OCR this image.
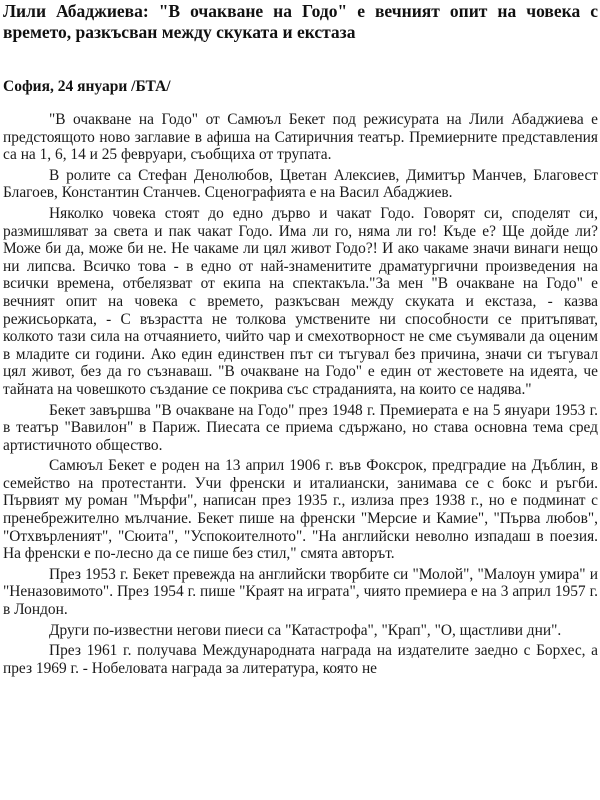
Лили Абаджиева: "В очакване на Годо" е вечният опит на човека с времето, разкъсван между скуката и екстаза
София, 24 януари /БТА/

"В очакване на Годо" от Самюъл Бекет под режисурата на Лили Абаджиева е предстоящото ново заглавие в афиша на Сатиричния театър. Премиерните представления са на 1, 6, 14 и 25 февруари, съобщиха от трупата.

В ролите са Стефан Денолюбов, Цветан Алексиев, Димитър Манчев, Благовест Благоев, Константин Станчев. Сценографията е на Васил Абаджиев.

Няколко човека стоят до едно дърво и чакат Годо. Говорят си, споделят си, размишляват за света и пак чакат Годо. Има ли го, няма ли го! Къде е? Ще дойде ли? Може би да, може би не. Не чакаме ли цял живот Годо?! И ако чакаме значи винаги нещо ни липсва. Всичко това - в едно от най-знаменитите драматургични произведения на всички времена, отбелязват от екипа на спектакъла."За мен "В очакване на Годо" е вечният опит на човека с времето, разкъсван между скуката и екстаза, - казва режисьорката, - С възрастта не толкова умствените ни способности се притъпяват, колкото тази сила на отчаянието, чийто чар и смехотворност не сме съумявали да оценим в младите си години. Ако един единствен път си тъгувал без причина, значи си тъгувал цял живот, без да го съзнаваш. "В очакване на Годо" е един от жестовете на идеята, че тайната на човешкото създание се покрива със страданията, на които се надява."

Бекет завършва "В очакване на Годо" през 1948 г. Премиерата е на 5 януари 1953 г. в театър "Вавилон" в Париж. Пиесата се приема сдържано, но става основна тема сред артистичното общество.

Самюъл Бекет е роден на 13 април 1906 г. във Фоксрок, предградие на Дъблин, в семейство на протестанти. Учи френски и италиански, занимава се с бокс и ръгби. Първият му роман "Мърфи", написан през 1935 г., излиза през 1938 г., но е подминат с пренебрежително мълчание. Бекет пише на френски "Мерсие и Камие", "Първа любов", "Отхвърленият", "Сюита", "Успокоителното". "На английски неволно изпадаш в поезия. На френски е по-лесно да се пише без стил," смята авторът.

През 1953 г. Бекет превежда на английски творбите си "Молой", "Малоун умира" и "Неназовимото". През 1954 г. пише "Краят на играта", чиято премиера е на 3 април 1957 г. в Лондон.

Други по-известни негови пиеси са "Катастрофа", "Крап", "О, щастливи дни".

През 1961 г. получава Международната награда на издателите заедно с Борхес, а през 1969 г. - Нобеловата награда за литература, която не
